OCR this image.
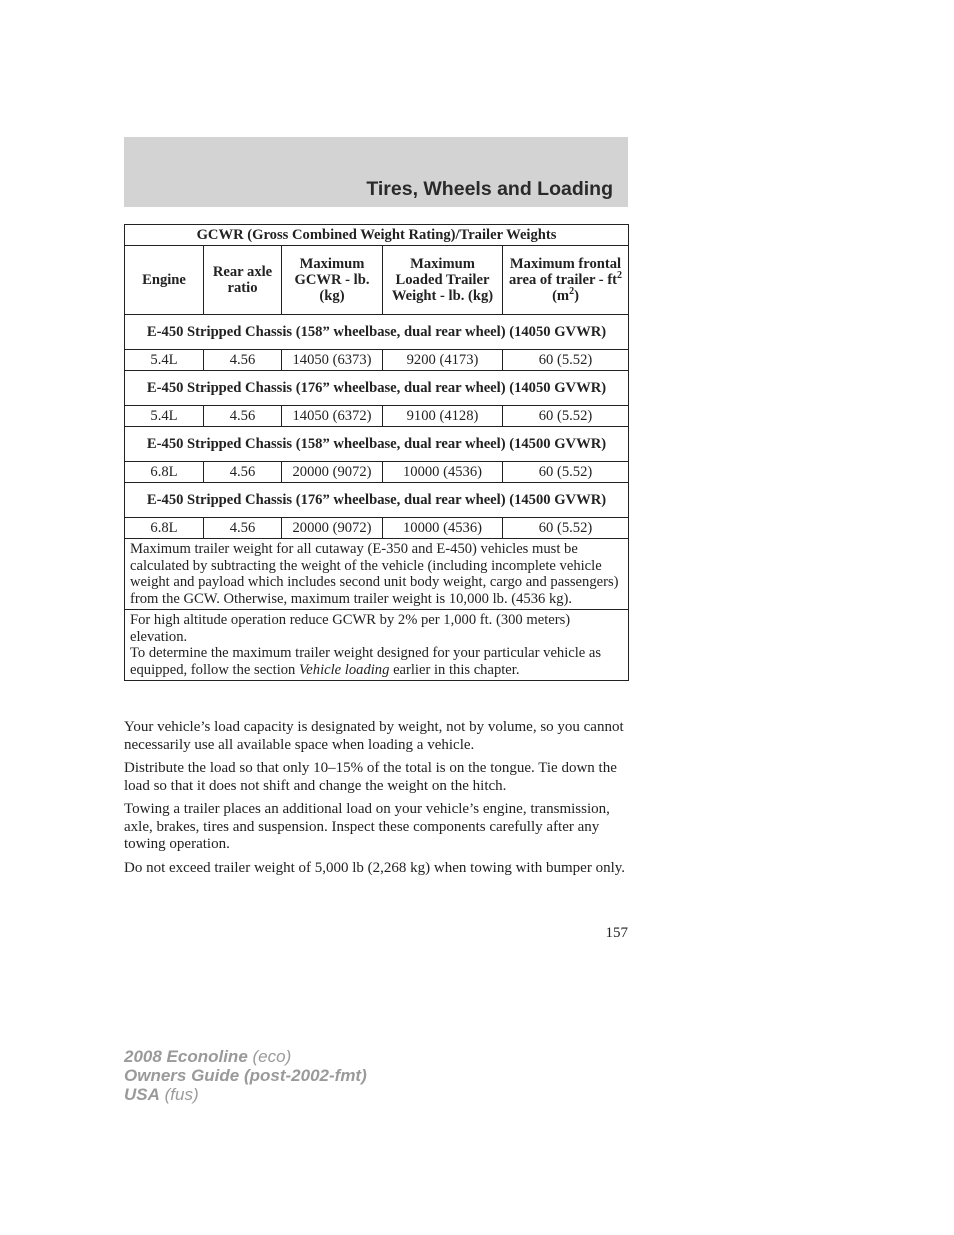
Tires, Wheels and Loading
GCWR (Gross Combined Weight Rating)/Trailer Weights				
Engine	Rear axle ratio	Maximum GCWR - lb. (kg)	Maximum Loaded Trailer Weight - lb. (kg)	Maximum frontal area of trailer - $ft^2$
$(m^2)$
E-450 Stripped Chassis (158” wheelbase, dual rear wheel) (14050 GVWR)				
5.4L	4.56	14050 (6373)	9200 (4173)	60 (5.52)
E-450 Stripped Chassis (176” wheelbase, dual rear wheel) (14050 GVWR)				
5.4L	4.56	14050 (6372)	9100 (4128)	60 (5.52)
E-450 Stripped Chassis (158” wheelbase, dual rear wheel) (14500 GVWR)				
6.8L	4.56	20000 (9072)	10000 (4536)	60 (5.52)
E-450 Stripped Chassis (176” wheelbase, dual rear wheel) (14500 GVWR)				
6.8L	4.56	20000 (9072)	10000 (4536)	60 (5.52)
Maximum trailer weight for all cutaway (E-350 and E-450) vehicles must be calculated by subtracting the weight of the vehicle (including incomplete vehicle weight and payload which includes second unit body weight, cargo and passengers) from the GCW. Otherwise, maximum trailer weight is 10,000 lb. (4536 kg).				
For high altitude operation reduce GCWR by 2% per 1,000 ft. (300 meters) elevation.
To determine the maximum trailer weight designed for your particular vehicle as equipped, follow the section Vehicle loading earlier in this chapter.				

Your vehicle’s load capacity is designated by weight, not by volume, so you cannot necessarily use all available space when loading a vehicle.

Distribute the load so that only 10–15% of the total is on the tongue. Tie down the load so that it does not shift and change the weight on the hitch.

Towing a trailer places an additional load on your vehicle’s engine, transmission, axle, brakes, tires and suspension. Inspect these components carefully after any towing operation.

Do not exceed trailer weight of 5,000 lb (2,268 kg) when towing with bumper only.

157
2008 Econoline (eco)
Owners Guide (post-2002-fmt)
USA (fus)
